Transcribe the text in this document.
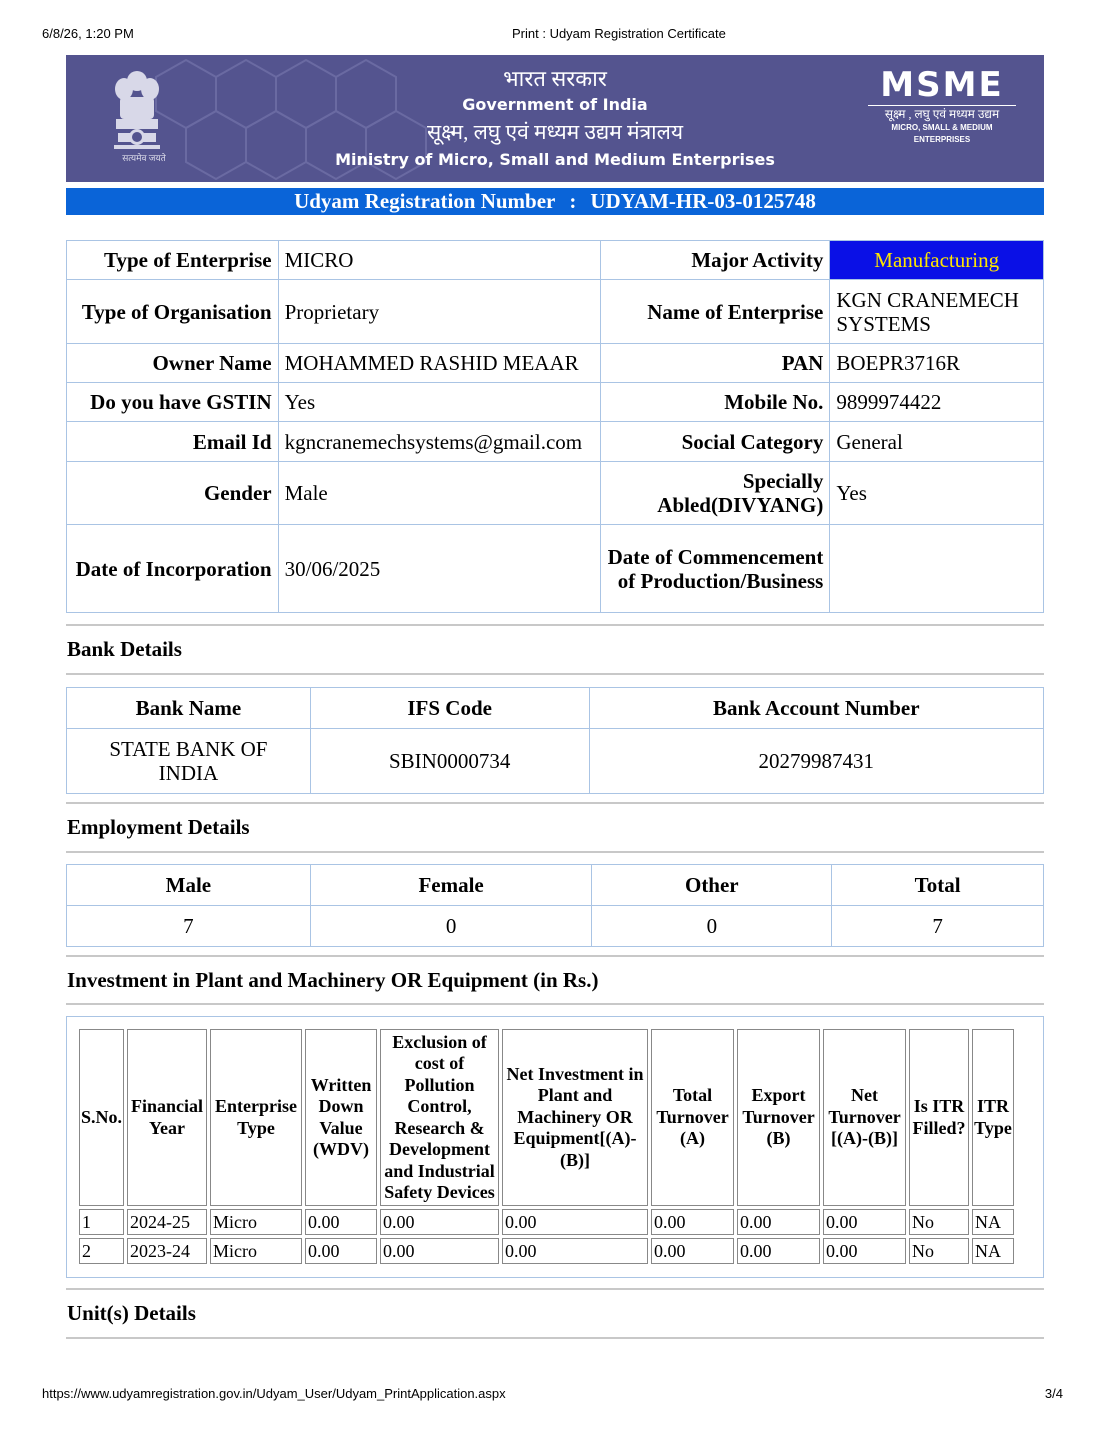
6/8/26, 1:20 PM	Print : Udyam Registration Certificate
सत्यमेव जयते
भारत सरकार
Government of India
सूक्ष्म, लघु एवं मध्यम उद्यम मंत्रालय
Ministry of Micro, Small and Medium Enterprises
MSME
सूक्ष्म , लघु एवं मध्यम उद्यम
MICRO, SMALL & MEDIUM ENTERPRISES
Udyam Registration Number : UDYAM-HR-03-0125748
Type of Enterprise	MICRO	Major Activity	Manufacturing
Type of Organisation	Proprietary	Name of Enterprise	KGN CRANEMECH SYSTEMS
Owner Name	MOHAMMED RASHID MEAAR	PAN	BOEPR3716R
Do you have GSTIN	Yes	Mobile No.	9899974422
Email Id	kgncranemechsystems@gmail.com	Social Category	General
Gender	Male	Specially Abled(DIVYANG)	Yes
Date of Incorporation	30/06/2025	Date of Commencement of Production/Business	
Bank Details
Bank Name	IFS Code	Bank Account Number
STATE BANK OF INDIA	SBIN0000734	20279987431
Employment Details
Male	Female	Other	Total
7	0	0	7
Investment in Plant and Machinery OR Equipment (in Rs.)
S.No.	Financial Year	Enterprise Type	Written Down Value (WDV)	Exclusion of cost of Pollution Control, Research & Development and Industrial Safety Devices	Net Investment in Plant and Machinery OR Equipment[(A)-(B)]	Total Turnover (A)	Export Turnover (B)	Net Turnover [(A)-(B)]	Is ITR Filled?	ITR Type
1	2024-25	Micro	0.00	0.00	0.00	0.00	0.00	0.00	No	NA
2	2023-24	Micro	0.00	0.00	0.00	0.00	0.00	0.00	No	NA
Unit(s) Details
https://www.udyamregistration.gov.in/Udyam_User/Udyam_PrintApplication.aspx	3/4
